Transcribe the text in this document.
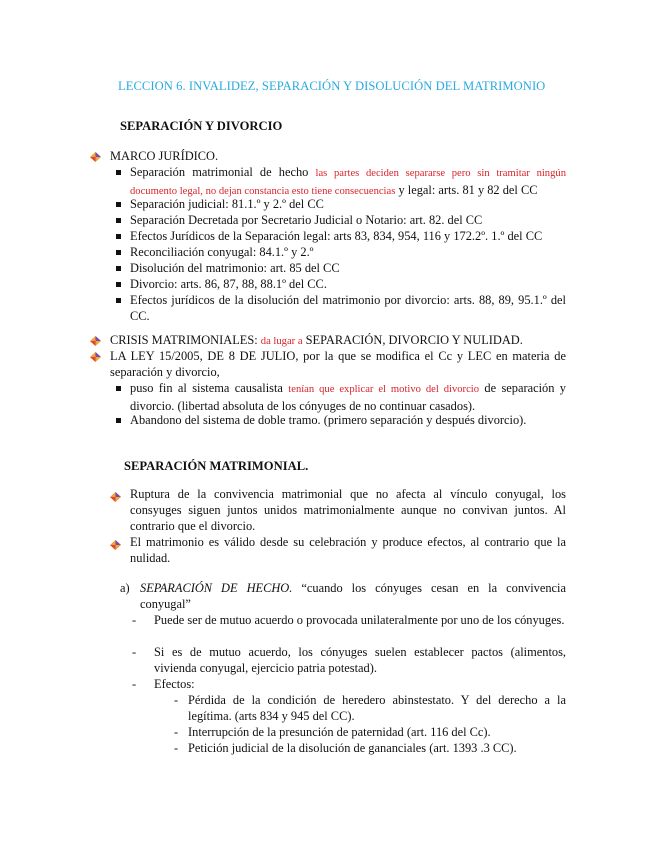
LECCION 6. INVALIDEZ, SEPARACIÓN Y DISOLUCIÓN DEL MATRIMONIO
SEPARACIÓN Y DIVORCIO
MARCO JURÍDICO.
Separación matrimonial de hecho las partes deciden separarse pero sin tramitar ningún documento legal, no dejan constancia esto tiene consecuencias y legal: arts. 81 y 82 del CC
Separación judicial: 81.1.º y 2.º del CC
Separación Decretada por Secretario Judicial o Notario: art. 82. del CC
Efectos Jurídicos de la Separación legal: arts 83, 834, 954, 116 y 172.2º. 1.º del CC
Reconciliación conyugal: 84.1.º y 2.º
Disolución del matrimonio: art. 85 del CC
Divorcio: arts. 86, 87, 88, 88.1º del CC.
Efectos jurídicos de la disolución del matrimonio por divorcio: arts. 88, 89, 95.1.º del CC.
CRISIS MATRIMONIALES: da lugar a SEPARACIÓN, DIVORCIO Y NULIDAD.
LA LEY 15/2005, DE 8 DE JULIO, por la que se modifica el Cc y LEC en materia de separación y divorcio,
puso fin al sistema causalista tenían que explicar el motivo del divorcio de separación y divorcio. (libertad absoluta de los cónyuges de no continuar casados).
Abandono del sistema de doble tramo. (primero separación y después divorcio).
SEPARACIÓN MATRIMONIAL.
Ruptura de la convivencia matrimonial que no afecta al vínculo conyugal, los consyuges siguen juntos unidos matrimonialmente aunque no convivan juntos. Al contrario que el divorcio.
El matrimonio es válido desde su celebración y produce efectos, al contrario que la nulidad.
a) SEPARACIÓN DE HECHO. “cuando los cónyuges cesan en la convivencia conyugal”
- Puede ser de mutuo acuerdo o provocada unilateralmente por uno de los cónyuges.
- Si es de mutuo acuerdo, los cónyuges suelen establecer pactos (alimentos, vivienda conyugal, ejercicio patria potestad).
- Efectos:
- Pérdida de la condición de heredero abinstestato. Y del derecho a la legítima. (arts 834 y 945 del CC).
- Interrupción de la presunción de paternidad (art. 116 del Cc).
- Petición judicial de la disolución de gananciales (art. 1393 .3 CC).
